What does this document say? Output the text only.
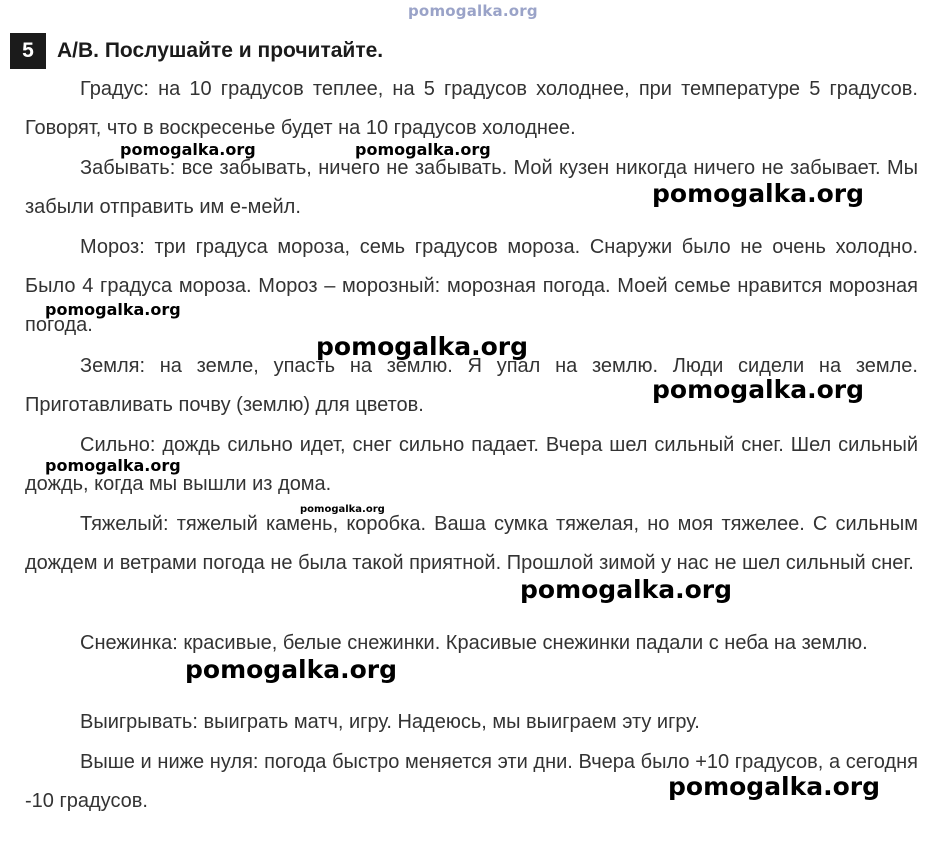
pomogalka.org
5	A/B. Послушайте и прочитайте.

Градус: на 10 градусов теплее, на 5 градусов холоднее, при температуре 5 градусов. Говорят, что в воскресенье будет на 10 градусов холоднее.

Забывать: все забывать, ничего не забывать. Мой кузен никогда ничего не забывает. Мы забыли отправить им е-мейл.

Мороз: три градуса мороза, семь градусов мороза. Снаружи было не очень холодно. Было 4 градуса мороза. Мороз – морозный: морозная погода. Моей семье нравится морозная погода.

Земля: на земле, упасть на землю. Я упал на землю. Люди сидели на земле. Приготавливать почву (землю) для цветов.

Сильно: дождь сильно идет, снег сильно падает. Вчера шел сильный снег. Шел сильный дождь, когда мы вышли из дома.

Тяжелый: тяжелый камень, коробка. Ваша сумка тяжелая, но моя тяжелее. С сильным дождем и ветрами погода не была такой приятной. Прошлой зимой у нас не шел сильный снег.

Снежинка: красивые, белые снежинки. Красивые снежинки падали с неба на землю.

Выигрывать: выиграть матч, игру. Надеюсь, мы выиграем эту игру.

Выше и ниже нуля: погода быстро меняется эти дни. Вчера было +10 градусов, а сегодня -10 градусов.

pomogalka.org	pomogalka.org
pomogalka.org
pomogalka.org
pomogalka.org
pomogalka.org
pomogalka.org
pomogalka.org
pomogalka.org
pomogalka.org
pomogalka.org
